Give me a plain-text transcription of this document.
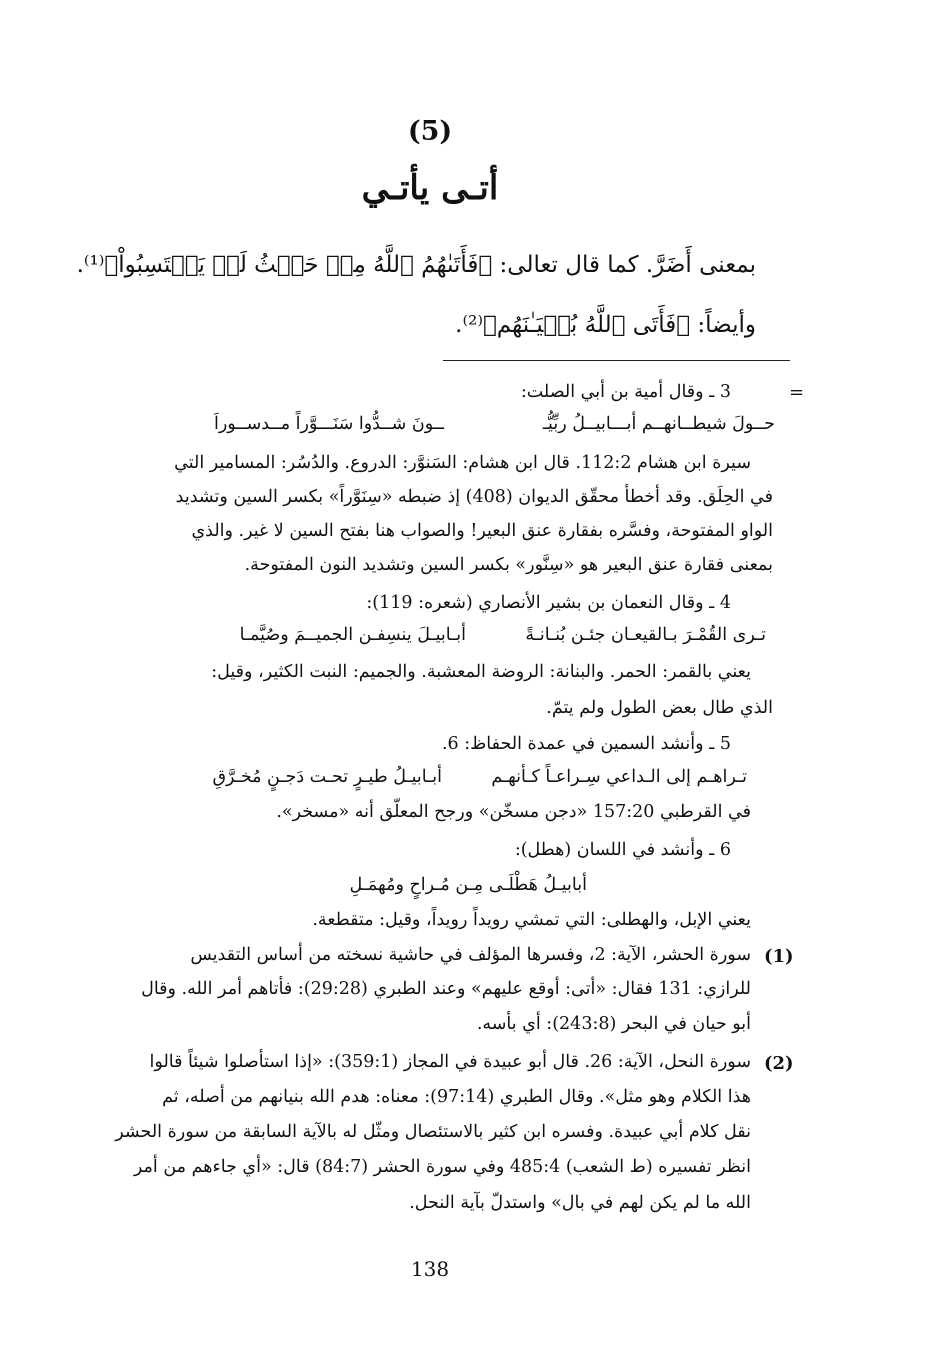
(5)
أتـى يأتـي
بمعنى أَضَرَّ. كما قال تعالى: ﴿فَأَتَىٰهُمُ ٱللَّهُ مِنۡ حَيۡثُ لَمۡ يَحۡتَسِبُواْ﴾⁽¹⁾.
وأيضاً: ﴿فَأَتَى ٱللَّهُ بُنۡيَـٰنَهُم﴾⁽²⁾.
=
3 ـ وقال أمية بن أبي الصلت:
حــولَ شيطــانهــم أبـــابيــلُ ربِّيُّـ
ــونَ شــدُّوا سَنَـــوَّراً مــدســوراَ
سيرة ابن هشام 112:2. قال ابن هشام: السَنوَّر: الدروع. والدُسُر: المسامير التي
في الحِلَق. وقد أخطأ محقّق الديوان (408) إذ ضبطه «سِنَوَّراً» بكسر السين وتشديد
الواو المفتوحة، وفسَّره بفقارة عنق البعير! والصواب هنا بفتح السين لا غير. والذي
بمعنى فقارة عنق البعير هو «سِنَّور» بكسر السين وتشديد النون المفتوحة.
4 ـ وقال النعمان بن بشير الأنصاري (شعره: 119):
تـرى القُمْـرَ بـالقيعـان جئـن بُنـانـةً
أبـابيـلَ ينسِفـن الجميــمَ وصُيَّمـا
يعني بالقمر: الحمر. والبنانة: الروضة المعشبة. والجميم: النبت الكثير، وقيل:
الذي طال بعض الطول ولم يتمّ.
5 ـ وأنشد السمين في عمدة الحفاظ: 6.
تـراهـم إلى الـداعي سِـراعـاً كـأنهـم
أبـابيـلُ طيـرٍ تحـت دَجـنٍ مُخـرَّقِ
في القرطبي 157:20 «دجن مسخّن» ورجح المعلّق أنه «مسخر».
6 ـ وأنشد في اللسان (هطل):
أبابيـلُ هَطْلَـى مِـن مُـراحٍ ومُهمَـلِ
يعني الإبل، والهطلى: التي تمشي رويداً رويداً، وقيل: متقطعة.
(1)
سورة الحشر، الآية: 2، وفسرها المؤلف في حاشية نسخته من أساس التقديس
للرازي: 131 فقال: «أتى: أوقع عليهم» وعند الطبري (29:28): فأتاهم أمر الله. وقال
أبو حيان في البحر (243:8): أي بأسه.
(2)
سورة النحل، الآية: 26. قال أبو عبيدة في المجاز (359:1): «إذا استأصلوا شيئاً قالوا
هذا الكلام وهو مثل». وقال الطبري (97:14): معناه: هدم الله بنيانهم من أصله، ثم
نقل كلام أبي عبيدة. وفسره ابن كثير بالاستئصال ومثّل له بالآية السابقة من سورة الحشر
انظر تفسيره (ط الشعب) 485:4 وفي سورة الحشر (84:7) قال: «أي جاءهم من أمر
الله ما لم يكن لهم في بال» واستدلّ بآية النحل.
138
